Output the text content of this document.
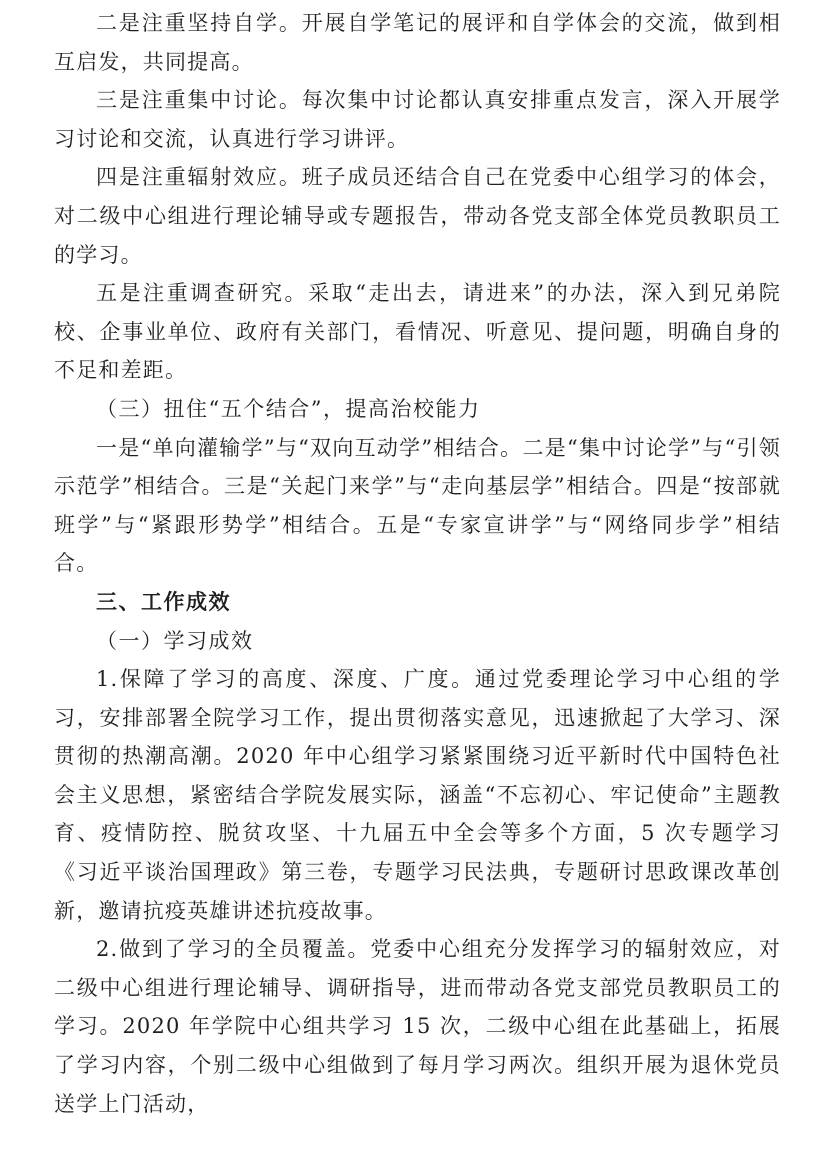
二是注重坚持自学。开展自学笔记的展评和自学体会的交流，做到相互启发，共同提高。

三是注重集中讨论。每次集中讨论都认真安排重点发言，深入开展学习讨论和交流，认真进行学习讲评。

四是注重辐射效应。班子成员还结合自己在党委中心组学习的体会，对二级中心组进行理论辅导或专题报告，带动各党支部全体党员教职员工的学习。

五是注重调查研究。采取“走出去，请进来”的办法，深入到兄弟院校、企事业单位、政府有关部门，看情况、听意见、提问题，明确自身的不足和差距。

（三）扭住“五个结合”，提高治校能力

一是“单向灌输学”与“双向互动学”相结合。二是“集中讨论学”与“引领示范学”相结合。三是“关起门来学”与“走向基层学”相结合。四是“按部就班学”与“紧跟形势学”相结合。五是“专家宣讲学”与“网络同步学”相结合。

三、工作成效

（一）学习成效

1.保障了学习的高度、深度、广度。通过党委理论学习中心组的学习，安排部署全院学习工作，提出贯彻落实意见，迅速掀起了大学习、深贯彻的热潮高潮。2020 年中心组学习紧紧围绕习近平新时代中国特色社会主义思想，紧密结合学院发展实际，涵盖“不忘初心、牢记使命”主题教育、疫情防控、脱贫攻坚、十九届五中全会等多个方面，5 次专题学习《习近平谈治国理政》第三卷，专题学习民法典，专题研讨思政课改革创新，邀请抗疫英雄讲述抗疫故事。

2.做到了学习的全员覆盖。党委中心组充分发挥学习的辐射效应，对二级中心组进行理论辅导、调研指导，进而带动各党支部党员教职员工的学习。2020 年学院中心组共学习 15 次，二级中心组在此基础上，拓展了学习内容，个别二级中心组做到了每月学习两次。组织开展为退休党员送学上门活动，
